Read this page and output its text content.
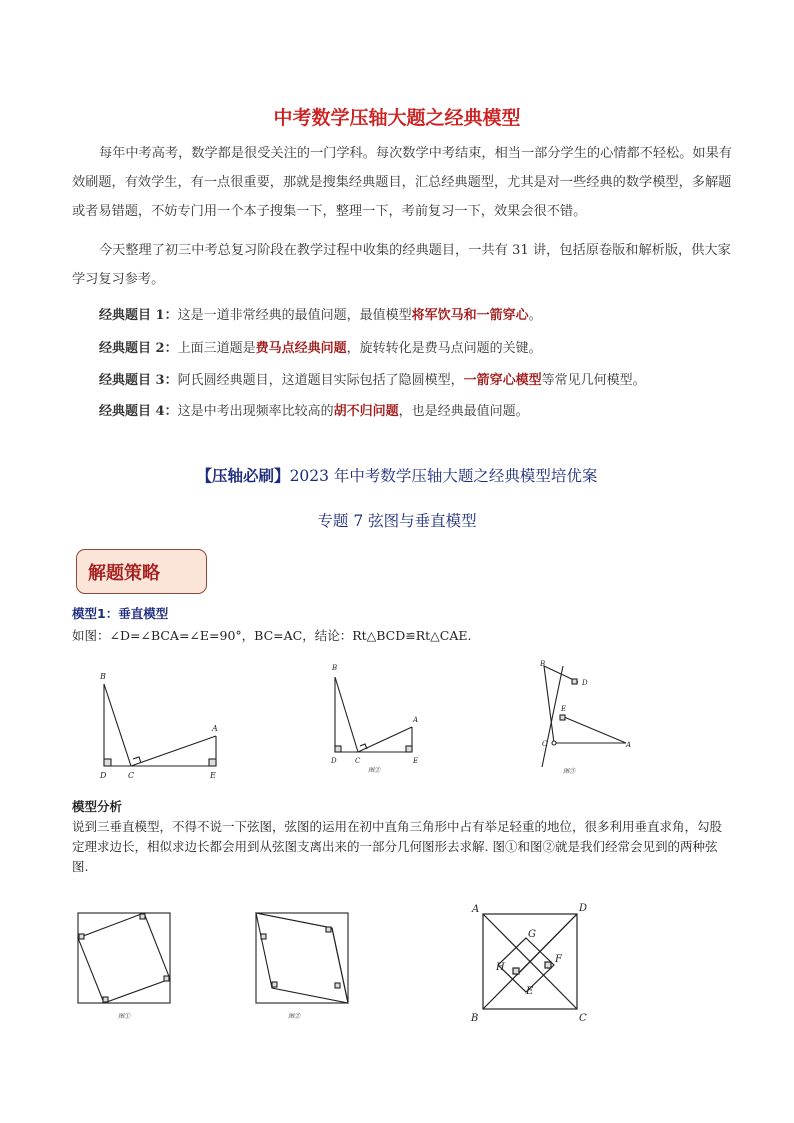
中考数学压轴大题之经典模型
每年中考高考，数学都是很受关注的一门学科。每次数学中考结束，相当一部分学生的心情都不轻松。如果有效刷题，有效学生，有一点很重要，那就是搜集经典题目，汇总经典题型，尤其是对一些经典的数学模型，多解题或者易错题，不妨专门用一个本子搜集一下，整理一下，考前复习一下，效果会很不错。
今天整理了初三中考总复习阶段在教学过程中收集的经典题目，一共有 31 讲，包括原卷版和解析版，供大家学习复习参考。
经典题目 1：这是一道非常经典的最值问题，最值模型将军饮马和一箭穿心。
经典题目 2：上面三道题是费马点经典问题，旋转转化是费马点问题的关键。
经典题目 3：阿氏圆经典题目，这道题目实际包括了隐圆模型，一箭穿心模型等常见几何模型。
经典题目 4：这是中考出现频率比较高的胡不归问题，也是经典最值问题。
【压轴必刷】2023 年中考数学压轴大题之经典模型培优案
专题 7 弦图与垂直模型
解题策略
模型1：垂直模型
如图：∠D=∠BCA=∠E=90°，BC=AC，结论：Rt△BCD≌Rt△CAE.
B
D	C	E
A
B
D	C	E
A
图②
B
D
E
C	A
图③
模型分析
说到三垂直模型，不得不说一下弦图，弦图的运用在初中直角三角形中占有举足轻重的地位，很多利用垂直求角，勾股定理求边长，相似求边长都会用到从弦图支离出来的一部分几何图形去求解. 图①和图②就是我们经常会见到的两种弦图.
图①	图②
A	D
B	C
G
H
F
E
